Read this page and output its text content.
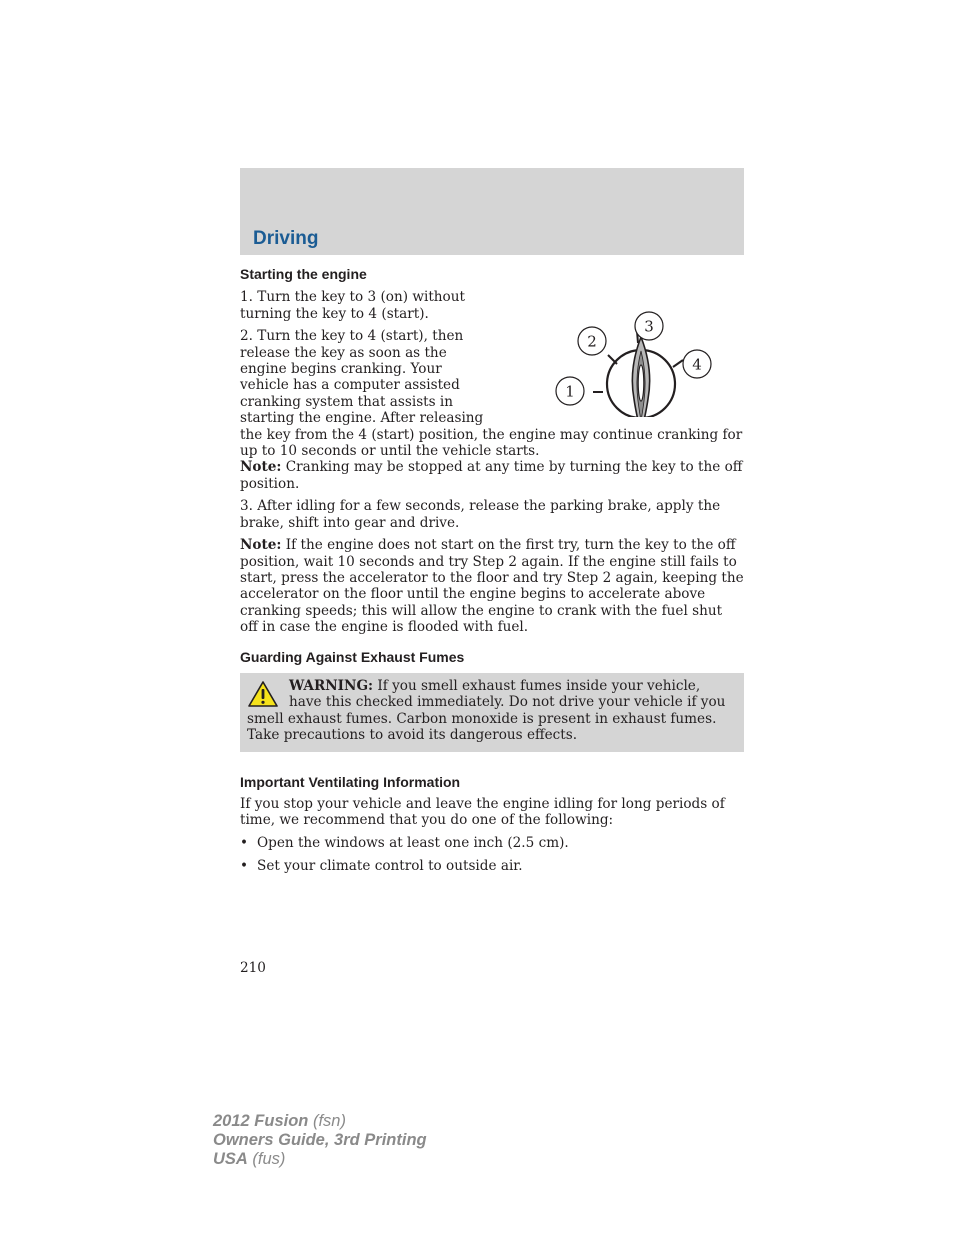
Driving
Starting the engine
1
2
3
4

1. Turn the key to 3 (on) without turning the key to 4 (start).

2. Turn the key to 4 (start), then release the key as soon as the engine begins cranking. Your vehicle has a computer assisted cranking system that assists in starting the engine. After releasing the key from the 4 (start) position, the engine may continue cranking for up to 10 seconds or until the vehicle starts.

Note: Cranking may be stopped at any time by turning the key to the off position.

3. After idling for a few seconds, release the parking brake, apply the brake, shift into gear and drive.

Note: If the engine does not start on the first try, turn the key to the off position, wait 10 seconds and try Step 2 again. If the engine still fails to start, press the accelerator to the floor and try Step 2 again, keeping the accelerator on the floor until the engine begins to accelerate above cranking speeds; this will allow the engine to crank with the fuel shut off in case the engine is flooded with fuel.

Guarding Against Exhaust Fumes

WARNING: If you smell exhaust fumes inside your vehicle, have this checked immediately. Do not drive your vehicle if you smell exhaust fumes. Carbon monoxide is present in exhaust fumes. Take precautions to avoid its dangerous effects.

Important Ventilating Information

If you stop your vehicle and leave the engine idling for long periods of time, we recommend that you do one of the following:

• Open the windows at least one inch (2.5 cm).
• Set your climate control to outside air.
210
2012 Fusion (fsn)
Owners Guide, 3rd Printing
USA (fus)
